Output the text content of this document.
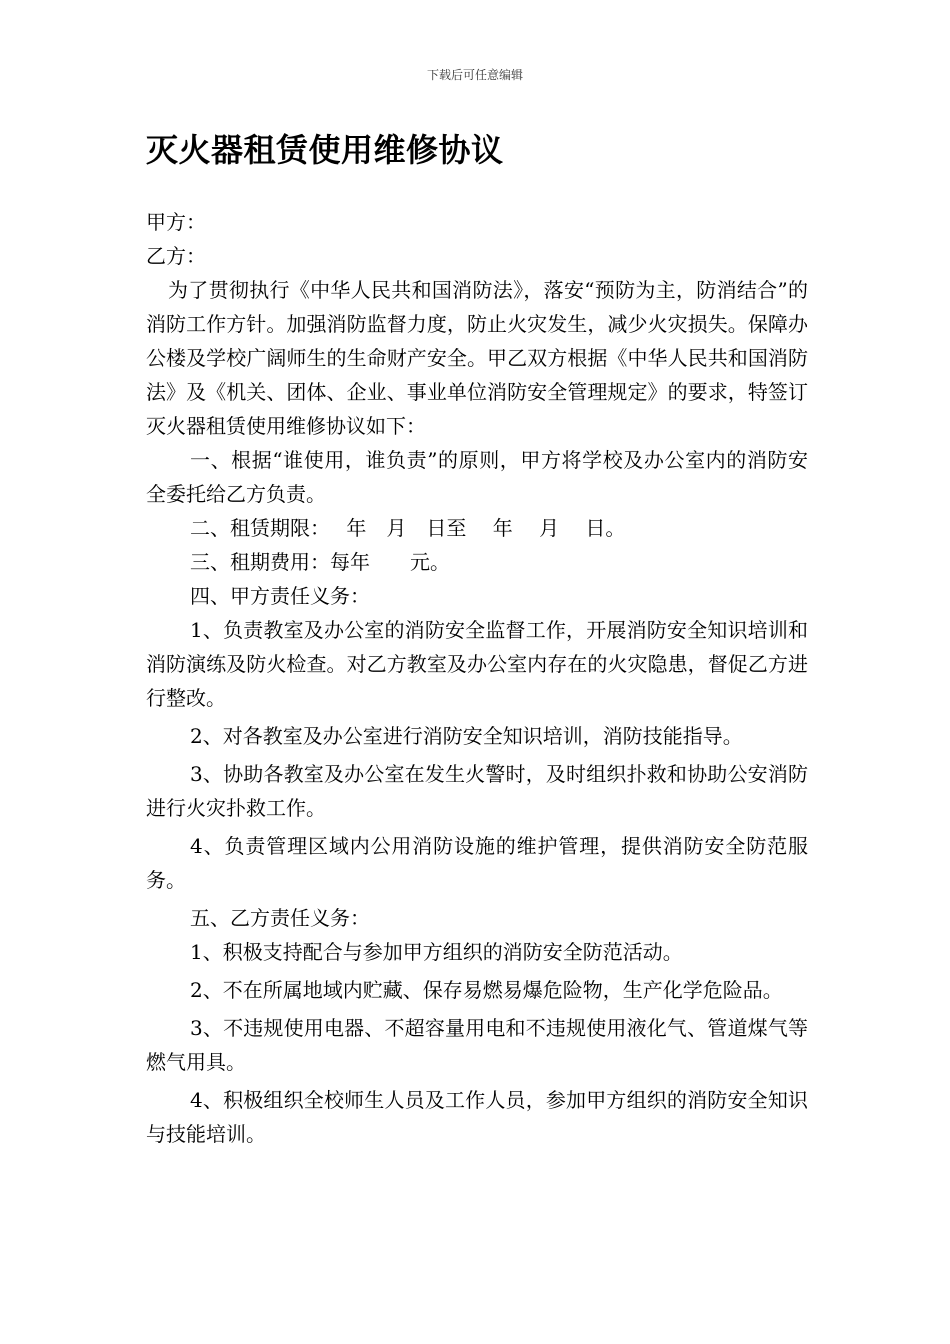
下载后可任意编辑
灭火器租赁使用维修协议

甲方：

乙方：

为了贯彻执行《中华人民共和国消防法》，落安“预防为主，防消结合”的消防工作方针。加强消防监督力度，防止火灾发生，减少火灾损失。保障办公楼及学校广阔师生的生命财产安全。甲乙双方根据《中华人民共和国消防法》及《机关、团体、企业、事业单位消防安全管理规定》的要求，特签订灭火器租赁使用维修协议如下：

一、根据“谁使用，谁负责”的原则，甲方将学校及办公室内的消防安全委托给乙方负责。

二、租赁期限：　 年　月　日至　 年　 月　 日。

三、租期费用：每年　　元。

四、甲方责任义务：

1、负责教室及办公室的消防安全监督工作，开展消防安全知识培训和消防演练及防火检查。对乙方教室及办公室内存在的火灾隐患，督促乙方进行整改。

2、对各教室及办公室进行消防安全知识培训，消防技能指导。

3、协助各教室及办公室在发生火警时，及时组织扑救和协助公安消防进行火灾扑救工作。

4、负责管理区域内公用消防设施的维护管理，提供消防安全防范服务。

五、乙方责任义务：

1、积极支持配合与参加甲方组织的消防安全防范活动。

2、不在所属地域内贮藏、保存易燃易爆危险物，生产化学危险品。

3、不违规使用电器、不超容量用电和不违规使用液化气、管道煤气等燃气用具。

4、积极组织全校师生人员及工作人员，参加甲方组织的消防安全知识与技能培训。
